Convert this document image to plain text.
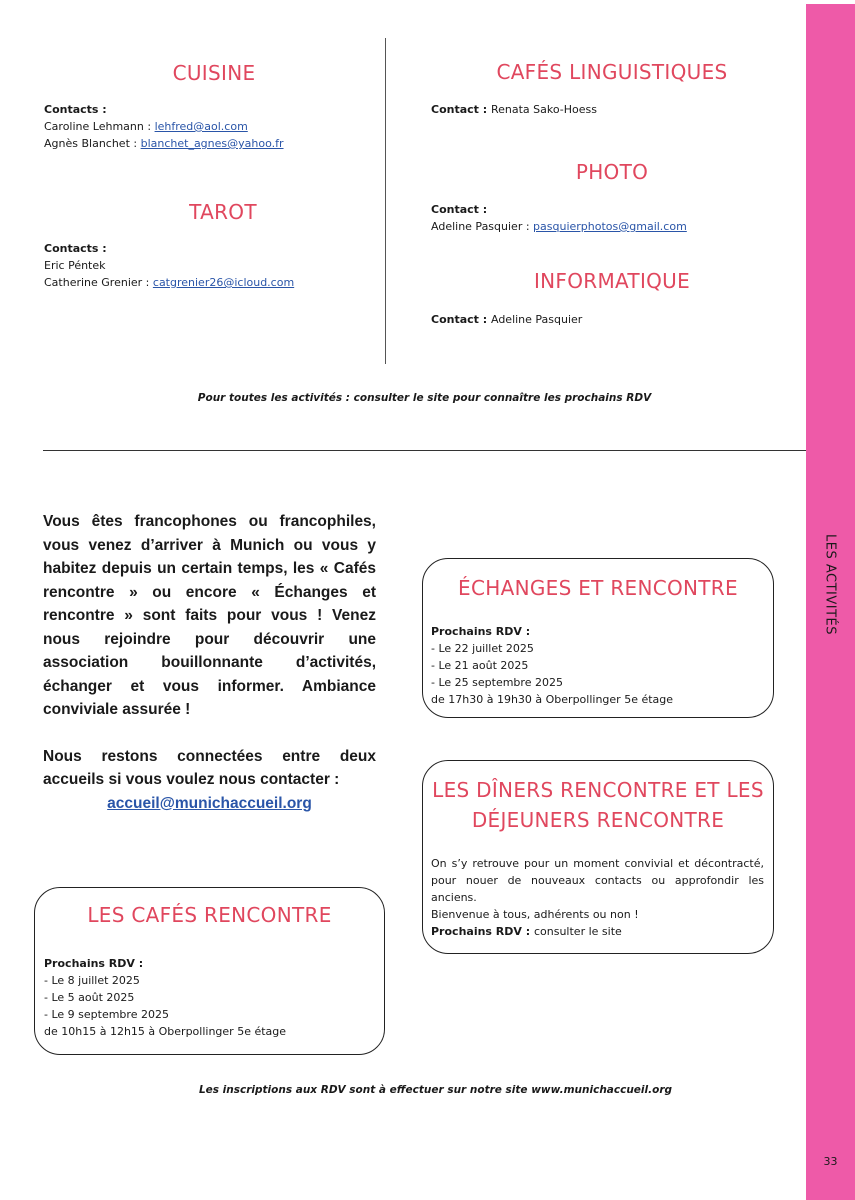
LES ACTIVITÉS
33
CUISINE
Contacts :
Caroline Lehmann : lehfred@aol.com
Agnès Blanchet : blanchet_agnes@yahoo.fr
TAROT
Contacts :
Eric Péntek
Catherine Grenier : catgrenier26@icloud.com
CAFÉS LINGUISTIQUES
Contact : Renata Sako-Hoess
PHOTO
Contact :
Adeline Pasquier : pasquierphotos@gmail.com
INFORMATIQUE
Contact : Adeline Pasquier
Pour toutes les activités : consulter le site pour connaître les prochains RDV
Vous êtes francophones ou francophiles, vous venez d’arriver à Munich ou vous y habitez depuis un certain temps, les « Cafés rencontre » ou encore « Échanges et rencontre » sont faits pour vous ! Venez nous rejoindre pour découvrir une association bouillonnante d’activités, échanger et vous informer. Ambiance conviviale assurée !
Nous restons connectées entre deux accueils si vous voulez nous contacter :
accueil@munichaccueil.org
ÉCHANGES ET RENCONTRE
Prochains RDV :
- Le 22 juillet 2025
- Le 21 août 2025
- Le 25 septembre 2025
de 17h30 à 19h30 à Oberpollinger 5e étage
LES DÎNERS RENCONTRE ET LES
DÉJEUNERS RENCONTRE
On s’y retrouve pour un moment convivial et décontracté, pour nouer de nouveaux contacts ou approfondir les anciens.
Bienvenue à tous, adhérents ou non !
Prochains RDV : consulter le site
LES CAFÉS RENCONTRE
Prochains RDV :
- Le 8 juillet 2025
- Le 5 août 2025
- Le 9 septembre 2025
de 10h15 à 12h15 à Oberpollinger 5e étage
Les inscriptions aux RDV sont à effectuer sur notre site www.munichaccueil.org
